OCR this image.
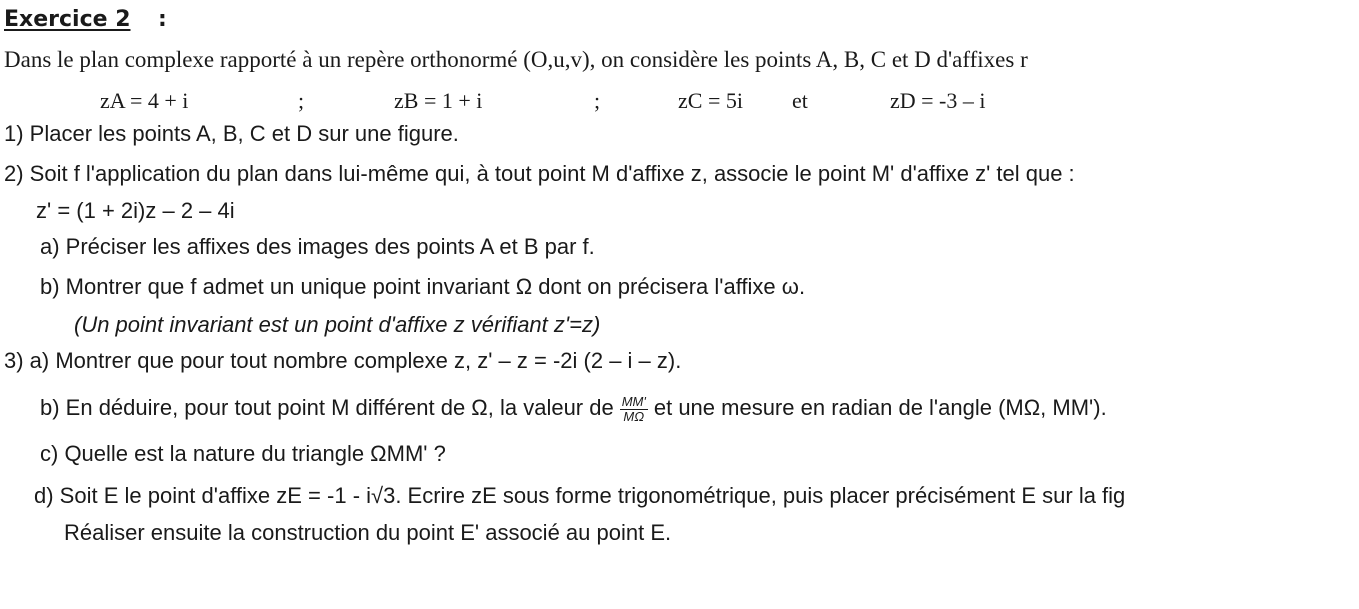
Exercice 2 :
Dans le plan complexe rapporté à un repère orthonormé (O,u,v), on considère les points A, B, C et D d'affixes r
zA = 4 + i	;	zB = 1 + i	;	zC = 5i et	zD = -3 – i
1) Placer les points A, B, C et D sur une figure.
2) Soit f l'application du plan dans lui-même qui, à tout point M d'affixe z, associe le point M' d'affixe z' tel que :
z' = (1 + 2i)z – 2 – 4i
a) Préciser les affixes des images des points A et B par f.
b) Montrer que f admet un unique point invariant Ω dont on précisera l'affixe ω.
(Un point invariant est un point d'affixe z vérifiant z'=z)
3) a) Montrer que pour tout nombre complexe z, z' – z = -2i (2 – i – z).
b) En déduire, pour tout point M différent de Ω, la valeur de $\frac{MM'}{M\Omega}$ et une mesure en radian de l'angle (MΩ, MM').
c) Quelle est la nature du triangle ΩMM' ?
d) Soit E le point d'affixe zE = -1 - i√3. Ecrire zE sous forme trigonométrique, puis placer précisément E sur la fig
Réaliser ensuite la construction du point E' associé au point E.
